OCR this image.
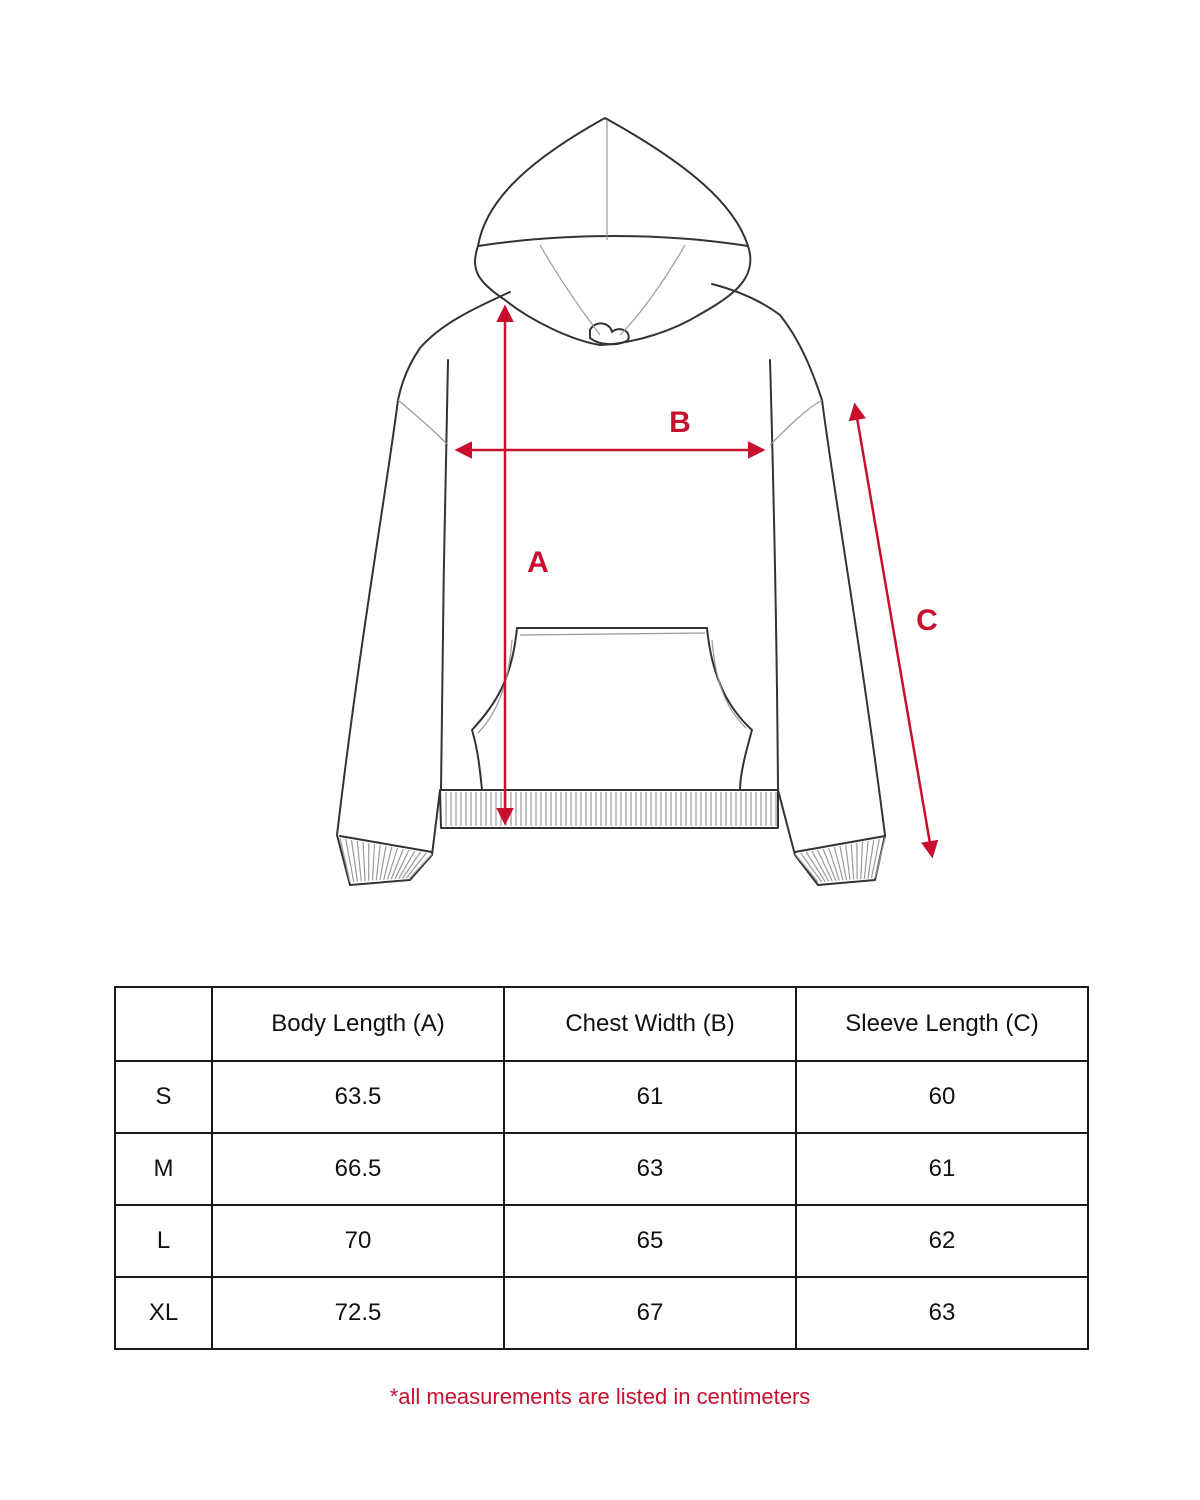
A
B
C
	Body Length (A)	Chest Width (B)	Sleeve Length (C)
S	63.5	61	60
M	66.5	63	61
L	70	65	62
XL	72.5	67	63
*all measurements are listed in centimeters
